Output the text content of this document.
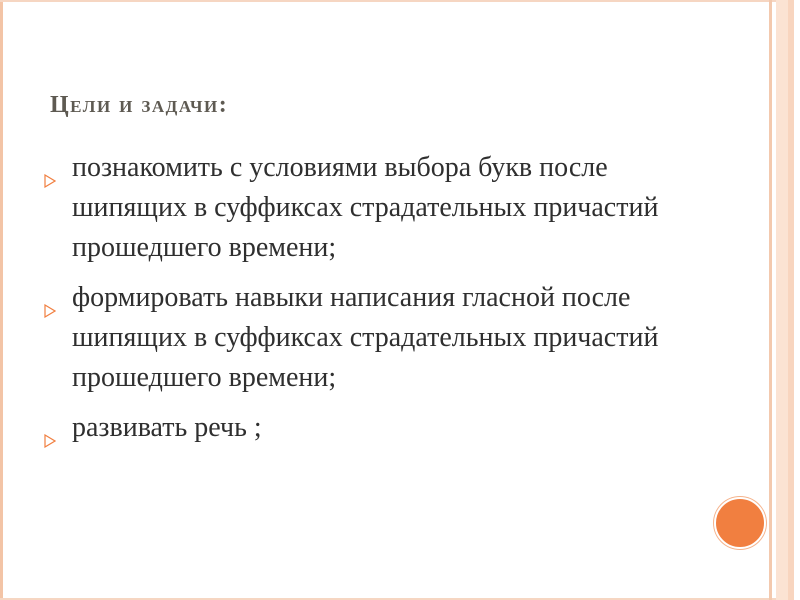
Цели и задачи:
познакомить с условиями выбора букв после шипящих в суффиксах страдательных причастий прошедшего времени;
формировать навыки написания гласной после шипящих в суффиксах страдательных причастий прошедшего времени;
развивать речь ;
